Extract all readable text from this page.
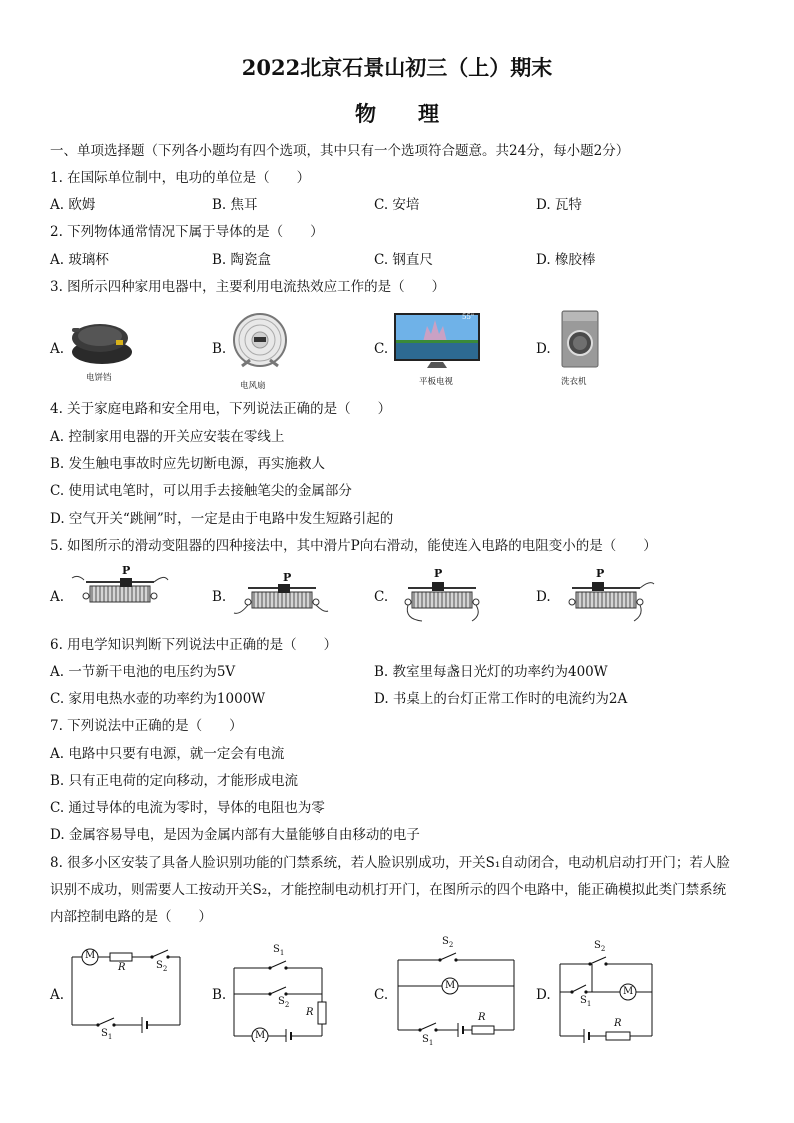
2022北京石景山初三（上）期末
物　　理
一、单项选择题（下列各小题均有四个选项，其中只有一个选项符合题意。共24分，每小题2分）
1. 在国际单位制中，电功的单位是（　　）
A. 欧姆	B. 焦耳	C. 安培	D. 瓦特
2. 下列物体通常情况下属于导体的是（　　）
A. 玻璃杯	B. 陶瓷盒	C. 钢直尺	D. 橡胶棒
3. 图所示四种家用电器中，主要利用电流热效应工作的是（　　）
A.	B.	C.	D.
电饼铛
电风扇
55"
平板电视	洗衣机
4. 关于家庭电路和安全用电，下列说法正确的是（　　）
A. 控制家用电器的开关应安装在零线上
B. 发生触电事故时应先切断电源，再实施救人
C. 使用试电笔时，可以用手去接触笔尖的金属部分
D. 空气开关“跳闸”时，一定是由于电路中发生短路引起的
5. 如图所示的滑动变阻器的四种接法中，其中滑片P向右滑动，能使连入电路的电阻变小的是（　　）
A.	B.	C.	D.
P
P	P	P
6. 用电学知识判断下列说法中正确的是（　　）
A. 一节新干电池的电压约为5V	B. 教室里每盏日光灯的功率约为400W
C. 家用电热水壶的功率约为1000W	D. 书桌上的台灯正常工作时的电流约为2A
7. 下列说法中正确的是（　　）
A. 电路中只要有电源，就一定会有电流
B. 只有正电荷的定向移动，才能形成电流
C. 通过导体的电流为零时，导体的电阻也为零
D. 金属容易导电，是因为金属内部有大量能够自由移动的电子
8. 很多小区安装了具备人脸识别功能的门禁系统，若人脸识别成功，开关S₁自动闭合，电动机启动打开门；若人脸
识别不成功，则需要人工按动开关S₂，才能控制电动机打开门，在图所示的四个电路中，能正确模拟此类门禁系统
内部控制电路的是（　　）
A.	B.	C.	D.
M
R	$S_2$
$S_1$
$S_1$
$S_2$
R
M
$S_2$
M
R
$S_1$
$S_2$
M
$S_1$
R
